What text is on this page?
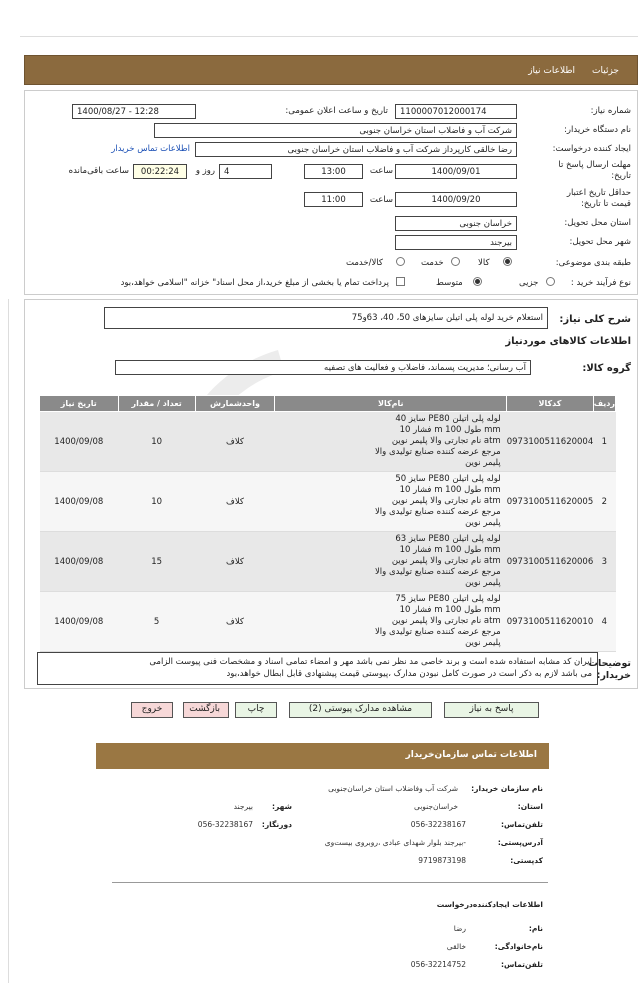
جزئیات
اطلاعات نیاز
شماره نیاز:
1100007012000174
تاریخ و ساعت اعلان عمومی:
1400/08/27 - 12:28
نام دستگاه خریدار:
شرکت آب و فاضلاب استان خراسان جنوبی
ایجاد کننده درخواست:
رضا خالقی کارپرداز شرکت آب و فاضلاب استان خراسان جنوبی
اطلاعات تماس خریدار
مهلت ارسال پاسخ تا تاریخ:
1400/09/01
ساعت
13:00
4
روز و
00:22:24
ساعت باقی‌مانده
حداقل تاریخ اعتبار قیمت تا تاریخ:
1400/09/20
ساعت
11:00
استان محل تحویل:
خراسان جنوبی
شهر محل تحویل:
بیرجند
طبقه بندی موضوعی:
کالا
خدمت
کالا/خدمت
نوع فرآیند خرید :
جزیی
متوسط
پرداخت تمام یا بخشی از مبلغ خرید،از محل اسناد" خزانه "اسلامی خواهد،بود
شرح کلی نیاز:
استعلام خرید لوله پلی اتیلن سایزهای 50، 40، 63و75
اطلاعات کالاهای موردنیاز
گروه کالا:
آب رسانی؛ مدیریت پسماند، فاضلاب و فعالیت های تصفیه
ردیف	کدکالا	نام‌کالا	واحدشمارش	تعداد / مقدار	تاریخ نیاز
1	0973100511620004	لوله پلی اتیلن PE80 سایز 40
mm طول 100 m فشار 10
atm نام تجارتی والا پلیمر نوین
مرجع عرضه کننده صنایع تولیدی والا
پلیمر نوین	کلاف	10	1400/09/08
2	0973100511620005	لوله پلی اتیلن PE80 سایز 50
mm طول 100 m فشار 10
atm نام تجارتی والا پلیمر نوین
مرجع عرضه کننده صنایع تولیدی والا
پلیمر نوین	کلاف	10	1400/09/08
3	0973100511620006	لوله پلی اتیلن PE80 سایز 63
mm طول 100 m فشار 10
atm نام تجارتی والا پلیمر نوین
مرجع عرضه کننده صنایع تولیدی والا
پلیمر نوین	کلاف	15	1400/09/08
4	0973100511620010	لوله پلی اتیلن PE80 سایز 75
mm طول 100 m فشار 10
atm نام تجارتی والا پلیمر نوین
مرجع عرضه کننده صنایع تولیدی والا
پلیمر نوین	کلاف	5	1400/09/08
توضیحات خریدار:
ایران کد مشابه استفاده شده است و برند خاصی مد نظر نمی باشد مهر و امضاء تمامی اسناد و مشخصات فنی پیوست الزامی
می باشد لازم به ذکر است در صورت کامل نبودن مدارک ،پیوستی قیمت پیشنهادی قابل ابطال خواهد،بود
پاسخ به نیاز
مشاهده مدارک پیوستی (2)
چاپ
بازگشت
خروج
اطلاعات تماس سازمان‌خریدار
نام سازمان خریدار:
شرکت آب وفاضلاب استان خراسان‌جنوبی
استان:
خراسان‌جنوبی
شهر:
بیرجند
تلفن‌تماس:
056-32238167
دورنگار:
056-32238167
آدرس‌پستی:
-بیرجند بلوار شهدای عبادی ،روبروی بیست‌وی
کدپستی:
9719873198
اطلاعات ایجادکننده‌درخواست
نام:
رضا
نام‌خانوادگی:
خالقی
تلفن‌تماس:
056-32214752
